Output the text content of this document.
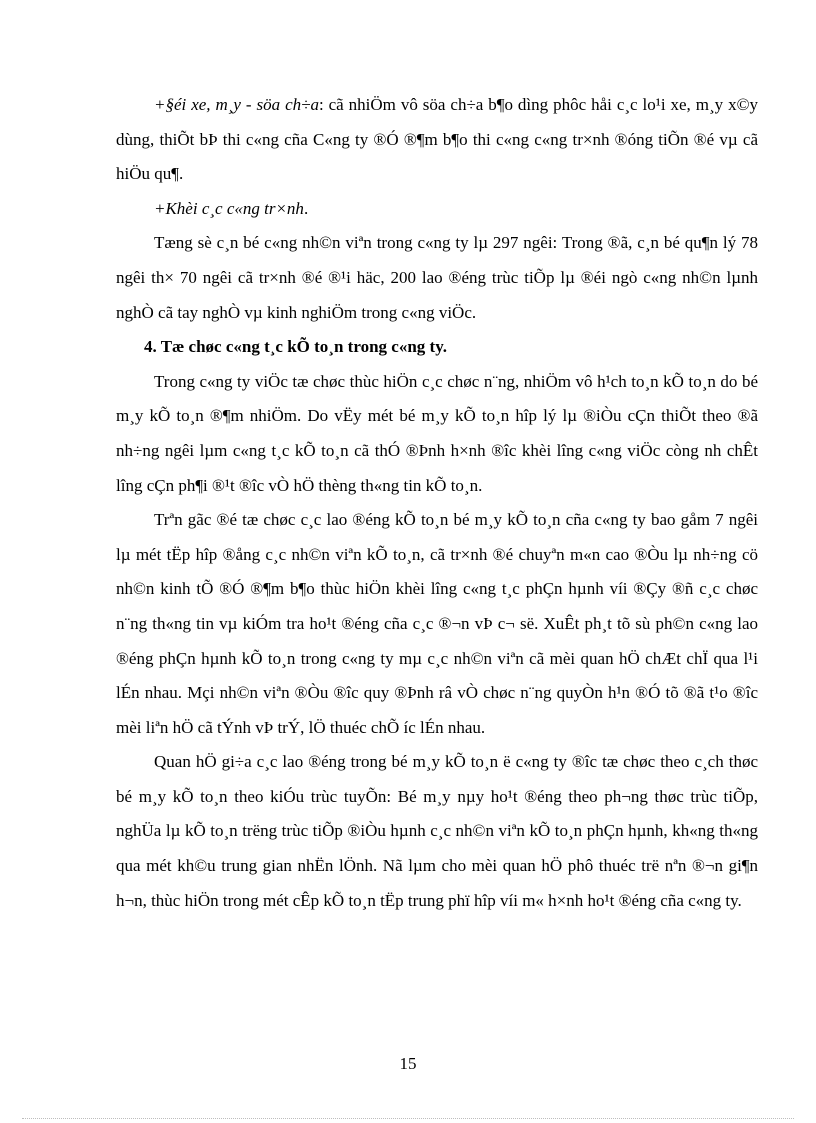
+§éi xe, m¸y - söa ch÷a: cã nhiÖm vô söa ch÷a b¶o dìng phôc håi c¸c lo¹i xe, m¸y x©y dùng, thiÕt bÞ thi c«ng cña C«ng ty ®Ó ®¶m b¶o thi c«ng c«ng tr×nh ®óng tiÕn ®é vµ cã hiÖu qu¶.

+Khèi c¸c c«ng tr×nh.

Tæng sè c¸n bé c«ng nh©n viªn trong c«ng ty lµ 297 ngêi: Trong ®ã, c¸n bé qu¶n lý 78 ngêi th× 70 ngêi cã tr×nh ®é ®¹i häc, 200 lao ®éng trùc tiÕp lµ ®éi ngò c«ng nh©n lµnh nghÒ cã tay nghÒ vµ kinh nghiÖm trong c«ng viÖc.

4. Tæ chøc c«ng t¸c kÕ to¸n trong c«ng ty.

Trong c«ng ty viÖc tæ chøc thùc hiÖn c¸c chøc n¨ng, nhiÖm vô h¹ch to¸n kÕ to¸n do bé m¸y kÕ to¸n ®¶m nhiÖm. Do vËy mét bé m¸y kÕ to¸n hîp lý lµ ®iÒu cÇn thiÕt theo ®ã nh÷ng ngêi lµm c«ng t¸c kÕ to¸n cã thÓ ®Þnh h×nh ®îc khèi lîng c«ng viÖc còng nh chÊt lîng cÇn ph¶i ®¹t ®îc vÒ hÖ thèng th«ng tin kÕ to¸n.

Trªn gãc ®é tæ chøc c¸c lao ®éng kÕ to¸n bé m¸y kÕ to¸n cña c«ng ty bao gåm 7 ngêi lµ mét tËp hîp ®ång c¸c nh©n viªn kÕ to¸n, cã tr×nh ®é chuyªn m«n cao ®Òu lµ nh÷ng cö nh©n kinh tÕ ®Ó ®¶m b¶o thùc hiÖn khèi lîng c«ng t¸c phÇn hµnh víi ®Çy ®ñ c¸c chøc n¨ng th«ng tin vµ kiÓm tra ho¹t ®éng cña c¸c ®¬n vÞ c¬ së. XuÊt ph¸t tõ sù ph©n c«ng lao ®éng phÇn hµnh kÕ to¸n trong c«ng ty mµ c¸c nh©n viªn cã mèi quan hÖ chÆt chÏ qua l¹i lÉn nhau. Mçi nh©n viªn ®Òu ®îc quy ®Þnh râ vÒ chøc n¨ng quyÒn h¹n ®Ó tõ ®ã t¹o ®îc mèi liªn hÖ cã tÝnh vÞ trÝ, lÖ thuéc chÕ íc lÉn nhau.

Quan hÖ gi÷a c¸c lao ®éng trong bé m¸y kÕ to¸n ë c«ng ty ®îc tæ chøc theo c¸ch thøc bé m¸y kÕ to¸n theo kiÓu trùc tuyÕn: Bé m¸y nµy ho¹t ®éng theo ph¬ng thøc trùc tiÕp, nghÜa lµ kÕ to¸n trëng trùc tiÕp ®iÒu hµnh c¸c nh©n viªn kÕ to¸n phÇn hµnh, kh«ng th«ng qua mét kh©u trung gian nhËn lÖnh. Nã lµm cho mèi quan hÖ phô thuéc trë nªn ®¬n gi¶n h¬n, thùc hiÖn trong mét cÊp kÕ to¸n tËp trung phï hîp víi m« h×nh ho¹t ®éng cña c«ng ty.

15
